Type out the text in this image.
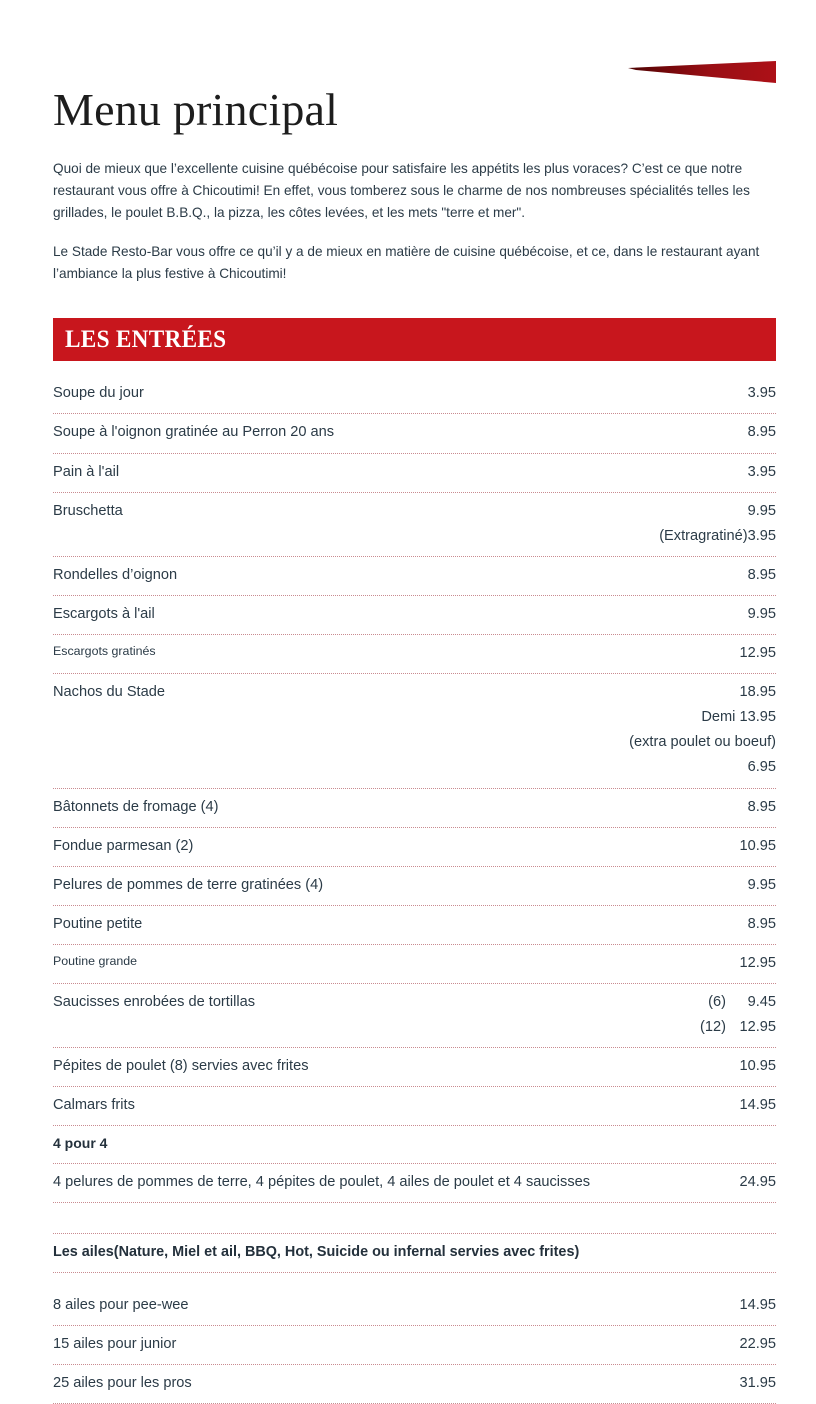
Menu principal

Quoi de mieux que l’excellente cuisine québécoise pour satisfaire les appétits les plus voraces? C’est ce que notre restaurant vous offre à Chicoutimi! En effet, vous tomberez sous le charme de nos nombreuses spécialités telles les grillades, le poulet B.B.Q., la pizza, les côtes levées, et les mets "terre et mer".

Le Stade Resto-Bar vous offre ce qu’il y a de mieux en matière de cuisine québécoise, et ce, dans le restaurant ayant l’ambiance la plus festive à Chicoutimi!

LES ENTRÉES
Soupe du jour	3.95
Soupe à l'oignon gratinée au Perron 20 ans	8.95
Pain à l'ail	3.95
Bruschetta	9.95
(Extragratiné)3.95
Rondelles d’oignon	8.95
Escargots à l'ail	9.95
Escargots gratinés	12.95
Nachos du Stade	18.95
Demi 13.95
(extra poulet ou boeuf)
6.95
Bâtonnets de fromage (4)	8.95
Fondue parmesan (2)	10.95
Pelures de pommes de terre gratinées (4)	9.95
Poutine petite	8.95
Poutine grande	12.95
Saucisses enrobées de tortillas	(6)	9.45
(12) 12.95
Pépites de poulet (8) servies avec frites	10.95
Calmars frits	14.95
4 pour 4
4 pelures de pommes de terre, 4 pépites de poulet, 4 ailes de poulet et 4 saucisses	24.95
Les ailes(Nature, Miel et ail, BBQ, Hot, Suicide ou infernal servies avec frites)
8 ailes pour pee-wee	14.95
15 ailes pour junior	22.95
25 ailes pour les pros	31.95
